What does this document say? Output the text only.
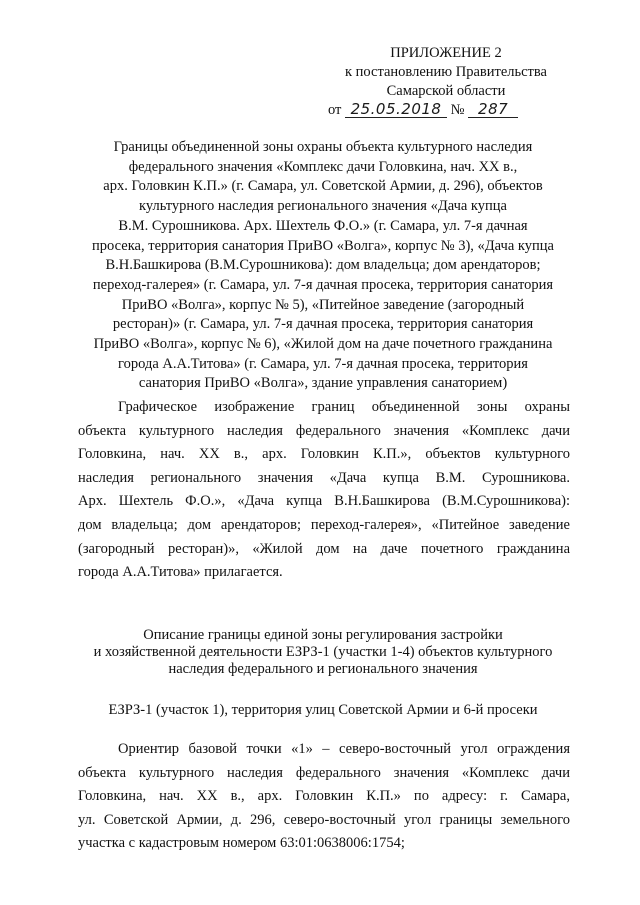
ПРИЛОЖЕНИЕ 2
к постановлению Правительства
Самарской области
от 25.05.2018 № 287
Границы объединенной зоны охраны объекта культурного наследия
федерального значения «Комплекс дачи Головкина, нач. XX в.,
арх. Головкин К.П.» (г. Самара, ул. Советской Армии, д. 296), объектов
культурного наследия регионального значения «Дача купца
В.М. Сурошникова. Арх. Шехтель Ф.О.» (г. Самара, ул. 7-я дачная
просека, территория санатория ПриВО «Волга», корпус № 3), «Дача купца
В.Н.Башкирова (В.М.Сурошникова): дом владельца; дом арендаторов;
переход-галерея» (г. Самара, ул. 7-я дачная просека, территория санатория
ПриВО «Волга», корпус № 5), «Питейное заведение (загородный
ресторан)» (г. Самара, ул. 7-я дачная просека, территория санатория
ПриВО «Волга», корпус № 6), «Жилой дом на даче почетного гражданина
города А.А.Титова» (г. Самара, ул. 7-я дачная просека, территория
санатория ПриВО «Волга», здание управления санаторием)
Графическое изображение границ объединенной зоны охраны
объекта культурного наследия федерального значения «Комплекс дачи
Головкина, нач. XX в., арх. Головкин К.П.», объектов культурного
наследия регионального значения «Дача купца В.М. Сурошникова.
Арх. Шехтель Ф.О.», «Дача купца В.Н.Башкирова (В.М.Сурошникова):
дом владельца; дом арендаторов; переход-галерея», «Питейное заведение
(загородный ресторан)», «Жилой дом на даче почетного гражданина
города А.А.Титова» прилагается.
Описание границы единой зоны регулирования застройки
и хозяйственной деятельности ЕЗРЗ-1 (участки 1-4) объектов культурного
наследия федерального и регионального значения
ЕЗРЗ-1 (участок 1), территория улиц Советской Армии и 6-й просеки
Ориентир базовой точки «1» – северо-восточный угол ограждения
объекта культурного наследия федерального значения «Комплекс дачи
Головкина, нач. XX в., арх. Головкин К.П.» по адресу: г. Самара,
ул. Советской Армии, д. 296, северо-восточный угол границы земельного
участка с кадастровым номером 63:01:0638006:1754;
